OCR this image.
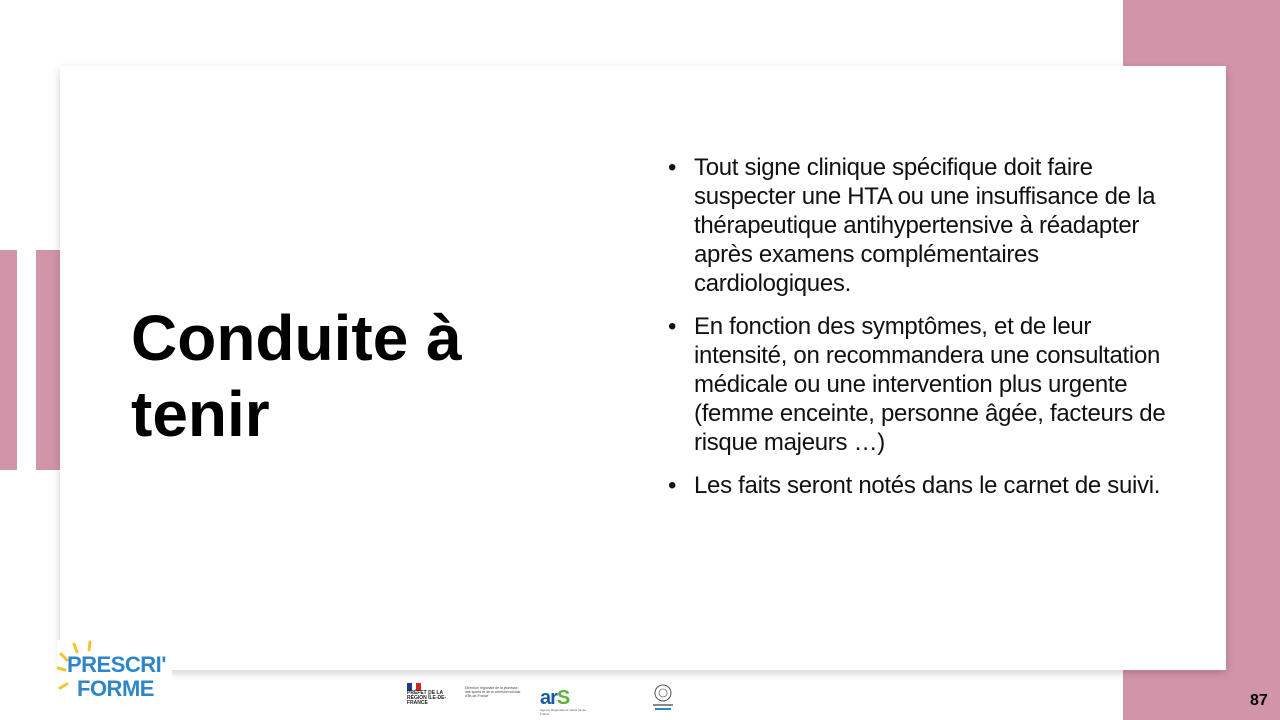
Conduite à tenir
• Tout signe clinique spécifique doit faire suspecter une HTA ou une insuffisance de la thérapeutique antihypertensive à réadapter après examens complémentaires cardiologiques.
• En fonction des symptômes, et de leur intensité, on recommandera une consultation médicale ou une intervention plus urgente (femme enceinte, personne âgée, facteurs de risque majeurs …)
• Les faits seront notés dans le carnet de suivi.
PRESCRI'
FORME	PRÉFET DE LA RÉGION ÎLE-DE-FRANCE
Direction régionale de la jeunesse, des sports et de la cohésion sociale d'Île-de-France	arS
Agence Régionale de Santé Île-de-France
87
